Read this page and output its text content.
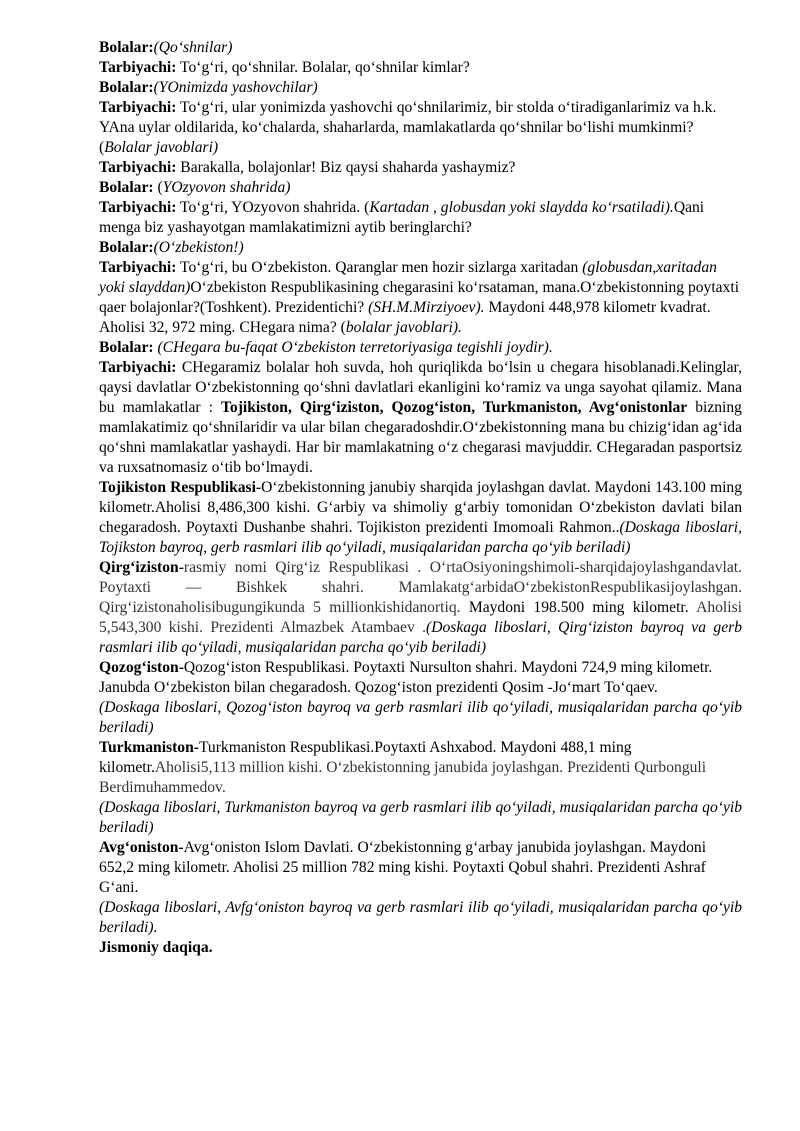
Bolalar:(Qo‘shnilar)

Tarbiyachi: To‘g‘ri, qo‘shnilar. Bolalar, qo‘shnilar kimlar?

Bolalar:(YOnimizda yashovchilar)

Tarbiyachi: To‘g‘ri, ular yonimizda yashovchi qo‘shnilarimiz, bir stolda o‘tiradiganlarimiz va h.k. YAna uylar oldilarida, ko‘chalarda, shaharlarda, mamlakatlarda qo‘shnilar bo‘lishi mumkinmi?

(Bolalar javoblari)

Tarbiyachi: Barakalla, bolajonlar! Biz qaysi shaharda yashaymiz?

Bolalar: (YOzyovon shahrida)

Tarbiyachi: To‘g‘ri, YOzyovon shahrida. (Kartadan , globusdan yoki slaydda ko‘rsatiladi).Qani menga biz yashayotgan mamlakatimizni aytib beringlarchi?

Bolalar:(O‘zbekiston!)

Tarbiyachi: To‘g‘ri, bu O‘zbekiston. Qaranglar men hozir sizlarga xaritadan (globusdan,xaritadan yoki slayddan)O‘zbekiston Respublikasining chegarasini ko‘rsataman, mana.O‘zbekistonning poytaxti qaer bolajonlar?(Toshkent). Prezidentichi? (SH.M.Mirziyoev). Maydoni 448,978 kilometr kvadrat. Aholisi 32, 972 ming. CHegara nima? (bolalar javoblari).

Bolalar: (CHegara bu-faqat O‘zbekiston terretoriyasiga tegishli joydir).

Tarbiyachi: CHegaramiz bolalar hoh suvda, hoh quriqlikda bo‘lsin u chegara hisoblanadi.Kelinglar, qaysi davlatlar O‘zbekistonning qo‘shni davlatlari ekanligini ko‘ramiz va unga sayohat qilamiz. Mana bu mamlakatlar : Tojikiston, Qirg‘iziston, Qozog‘iston, Turkmaniston, Avg‘onistonlar bizning mamlakatimiz qo‘shnilaridir va ular bilan chegaradoshdir.O‘zbekistonning mana bu chizig‘idan ag‘ida qo‘shni mamlakatlar yashaydi. Har bir mamlakatning o‘z chegarasi mavjuddir. CHegaradan pasportsiz va ruxsatnomasiz o‘tib bo‘lmaydi.

Tojikiston Respublikasi-O‘zbekistonning janubiy sharqida joylashgan davlat. Maydoni 143.100 ming kilometr.Aholisi 8,486,300 kishi. G‘arbiy va shimoliy g‘arbiy tomonidan O‘zbekiston davlati bilan chegaradosh. Poytaxti Dushanbe shahri. Tojikiston prezidenti Imomoali Rahmon..(Doskaga liboslari, Tojikston bayroq, gerb rasmlari ilib qo‘yiladi, musiqalaridan parcha qo‘yib beriladi)

Qirg‘iziston-rasmiy nomi Qirg‘iz Respublikasi . O‘rtaOsiyoningshimoli-sharqidajoylashgandavlat. Poytaxti — Bishkek shahri. Mamlakatg‘arbidaO‘zbekistonRespublikasijoylashgan. Qirg‘izistonaholisibugungikunda 5 millionkishidanortiq. Maydoni 198.500 ming kilometr. Aholisi 5,543,300 kishi. Prezidenti Almazbek Atambaev .(Doskaga liboslari, Qirg‘iziston bayroq va gerb rasmlari ilib qo‘yiladi, musiqalaridan parcha qo‘yib beriladi)

Qozog‘iston-Qozog‘iston Respublikasi. Poytaxti Nursulton shahri. Maydoni 724,9 ming kilometr. Janubda O‘zbekiston bilan chegaradosh. Qozog‘iston prezidenti Qosim -Jo‘mart To‘qaev.

(Doskaga liboslari, Qozog‘iston bayroq va gerb rasmlari ilib qo‘yiladi, musiqalaridan parcha qo‘yib beriladi)

Turkmaniston-Turkmaniston Respublikasi.Poytaxti Ashxabod. Maydoni 488,1 ming kilometr.Aholisi5,113 million kishi. O‘zbekistonning janubida joylashgan. Prezidenti Qurbonguli Berdimuhammedov.

(Doskaga liboslari, Turkmaniston bayroq va gerb rasmlari ilib qo‘yiladi, musiqalaridan parcha qo‘yib beriladi)

Avg‘oniston-Avg‘oniston Islom Davlati. O‘zbekistonning g‘arbay janubida joylashgan. Maydoni 652,2 ming kilometr. Aholisi 25 million 782 ming kishi. Poytaxti Qobul shahri. Prezidenti Ashraf G‘ani.

(Doskaga liboslari, Avfg‘oniston bayroq va gerb rasmlari ilib qo‘yiladi, musiqalaridan parcha qo‘yib beriladi).

Jismoniy daqiqa.
